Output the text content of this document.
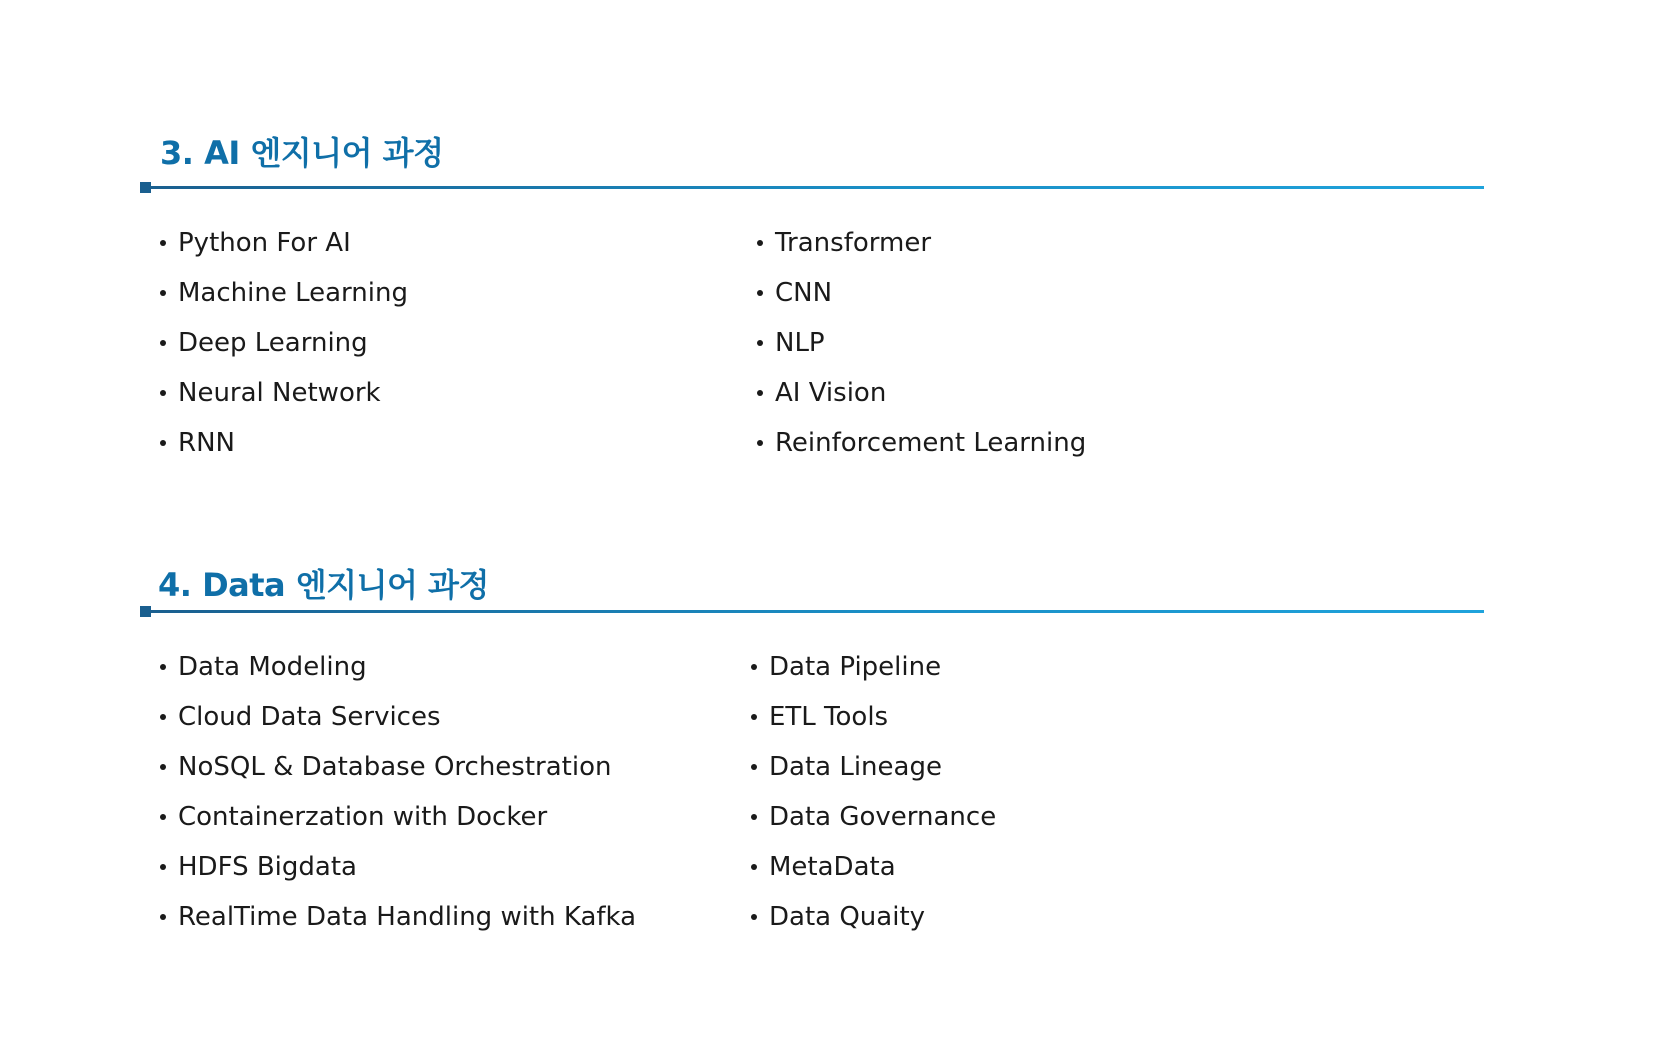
3. AI 엔지니어 과정
Python For AI
Machine Learning
Deep Learning
Neural Network
RNN
Transformer
CNN
NLP
AI Vision
Reinforcement Learning
4. Data 엔지니어 과정
Data Modeling
Cloud Data Services
NoSQL & Database Orchestration
Containerzation with Docker
HDFS Bigdata
RealTime Data Handling with Kafka
Data Pipeline
ETL Tools
Data Lineage
Data Governance
MetaData
Data Quaity
